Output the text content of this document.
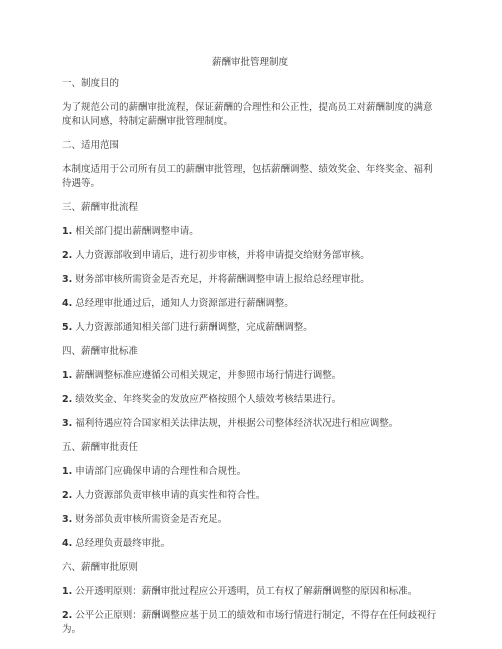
薪酬审批管理制度
一、制度目的
为了规范公司的薪酬审批流程，保证薪酬的合理性和公正性，提高员工对薪酬制度的满意度和认同感，特制定薪酬审批管理制度。
二、适用范围
本制度适用于公司所有员工的薪酬审批管理，包括薪酬调整、绩效奖金、年终奖金、福利待遇等。
三、薪酬审批流程
1. 相关部门提出薪酬调整申请。
2. 人力资源部收到申请后，进行初步审核，并将申请提交给财务部审核。
3. 财务部审核所需资金是否充足，并将薪酬调整申请上报给总经理审批。
4. 总经理审批通过后，通知人力资源部进行薪酬调整。
5. 人力资源部通知相关部门进行薪酬调整，完成薪酬调整。
四、薪酬审批标准
1. 薪酬调整标准应遵循公司相关规定，并参照市场行情进行调整。
2. 绩效奖金、年终奖金的发放应严格按照个人绩效考核结果进行。
3. 福利待遇应符合国家相关法律法规，并根据公司整体经济状况进行相应调整。
五、薪酬审批责任
1. 申请部门应确保申请的合理性和合规性。
2. 人力资源部负责审核申请的真实性和符合性。
3. 财务部负责审核所需资金是否充足。
4. 总经理负责最终审批。
六、薪酬审批原则
1. 公开透明原则：薪酬审批过程应公开透明，员工有权了解薪酬调整的原因和标准。
2. 公平公正原则：薪酬调整应基于员工的绩效和市场行情进行制定，不得存在任何歧视行为。
